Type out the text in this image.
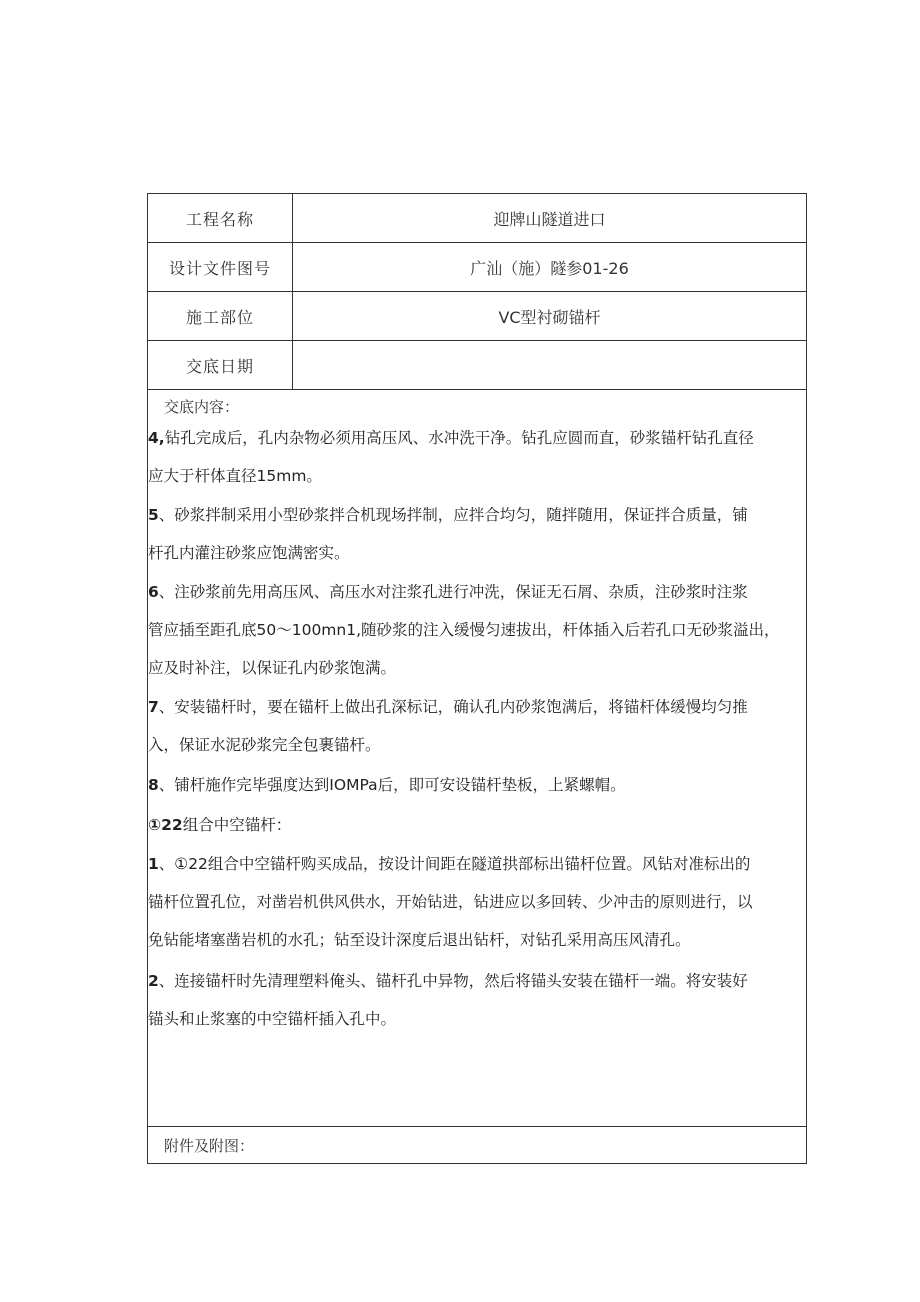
工程名称	迎牌山隧道进口
设计文件图号	广汕（施）隧参01-26
施工部位	VC型衬砌锚杆
交底日期
交底内容：
4,钻孔完成后，孔内杂物必须用高压风、水冲洗干净。钻孔应圆而直，砂浆锚杆钻孔直径
应大于杆体直径15mm。
5、砂浆拌制采用小型砂浆拌合机现场拌制，应拌合均匀，随拌随用，保证拌合质量，铺
杆孔内灌注砂浆应饱满密实。
6、注砂浆前先用高压风、高压水对注浆孔进行冲洗，保证无石屑、杂质，注砂浆时注浆
管应插至距孔底50〜100mn1,随砂浆的注入缓慢匀速拔出，杆体插入后若孔口无砂浆溢出，
应及时补注，以保证孔内砂浆饱满。
7、安装锚杆时，要在锚杆上做出孔深标记，确认孔内砂浆饱满后，将锚杆体缓慢均匀推
入，保证水泥砂浆完全包裹锚杆。
8、铺杆施作完毕强度达到IOMPa后，即可安设锚杆垫板，上紧螺帽。
①22组合中空锚杆：
1、①22组合中空锚杆购买成品，按设计间距在隧道拱部标出锚杆位置。风钻对准标出的
锚杆位置孔位，对凿岩机供风供水，开始钻进，钻进应以多回转、少冲击的原则进行，以
免钻能堵塞凿岩机的水孔；钻至设计深度后退出钻杆，对钻孔采用高压风清孔。
2、连接锚杆时先清理塑料俺头、锚杆孔中异物，然后将锚头安装在锚杆一端。将安装好
锚头和止浆塞的中空锚杆插入孔中。
附件及附图：
